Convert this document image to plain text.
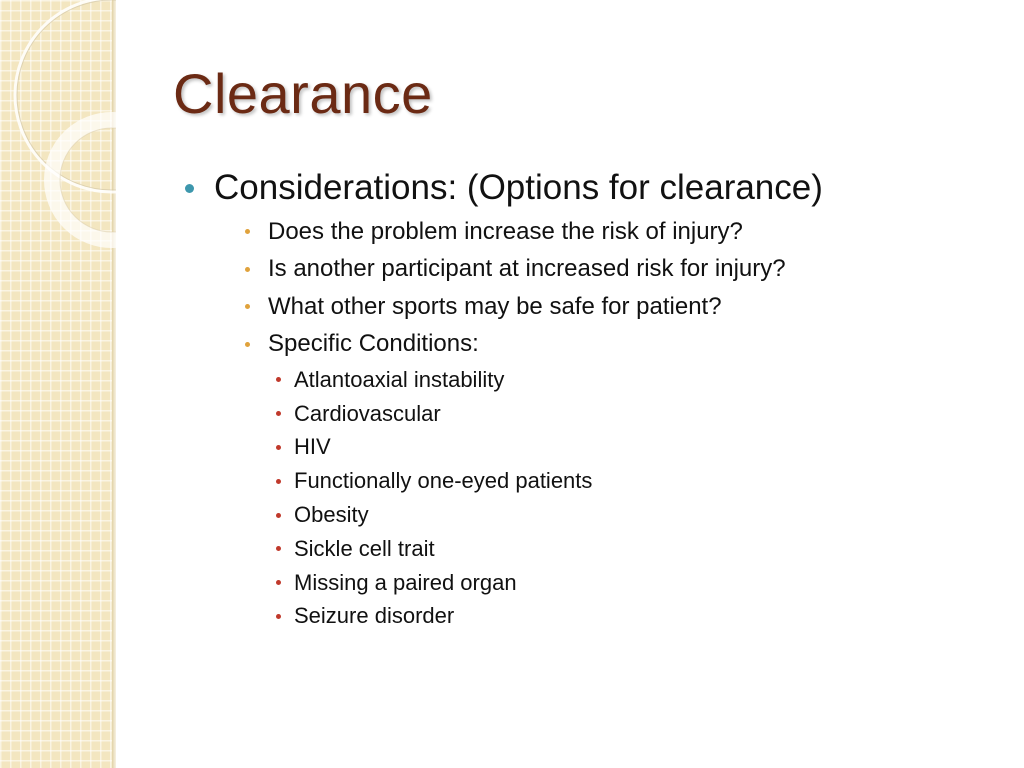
Clearance
Considerations: (Options for clearance)
Does the problem increase the risk of injury?
Is another participant at increased risk for injury?
What other sports may be safe for patient?
Specific Conditions:
Atlantoaxial instability
Cardiovascular
HIV
Functionally one-eyed patients
Obesity
Sickle cell trait
Missing a paired organ
Seizure disorder
